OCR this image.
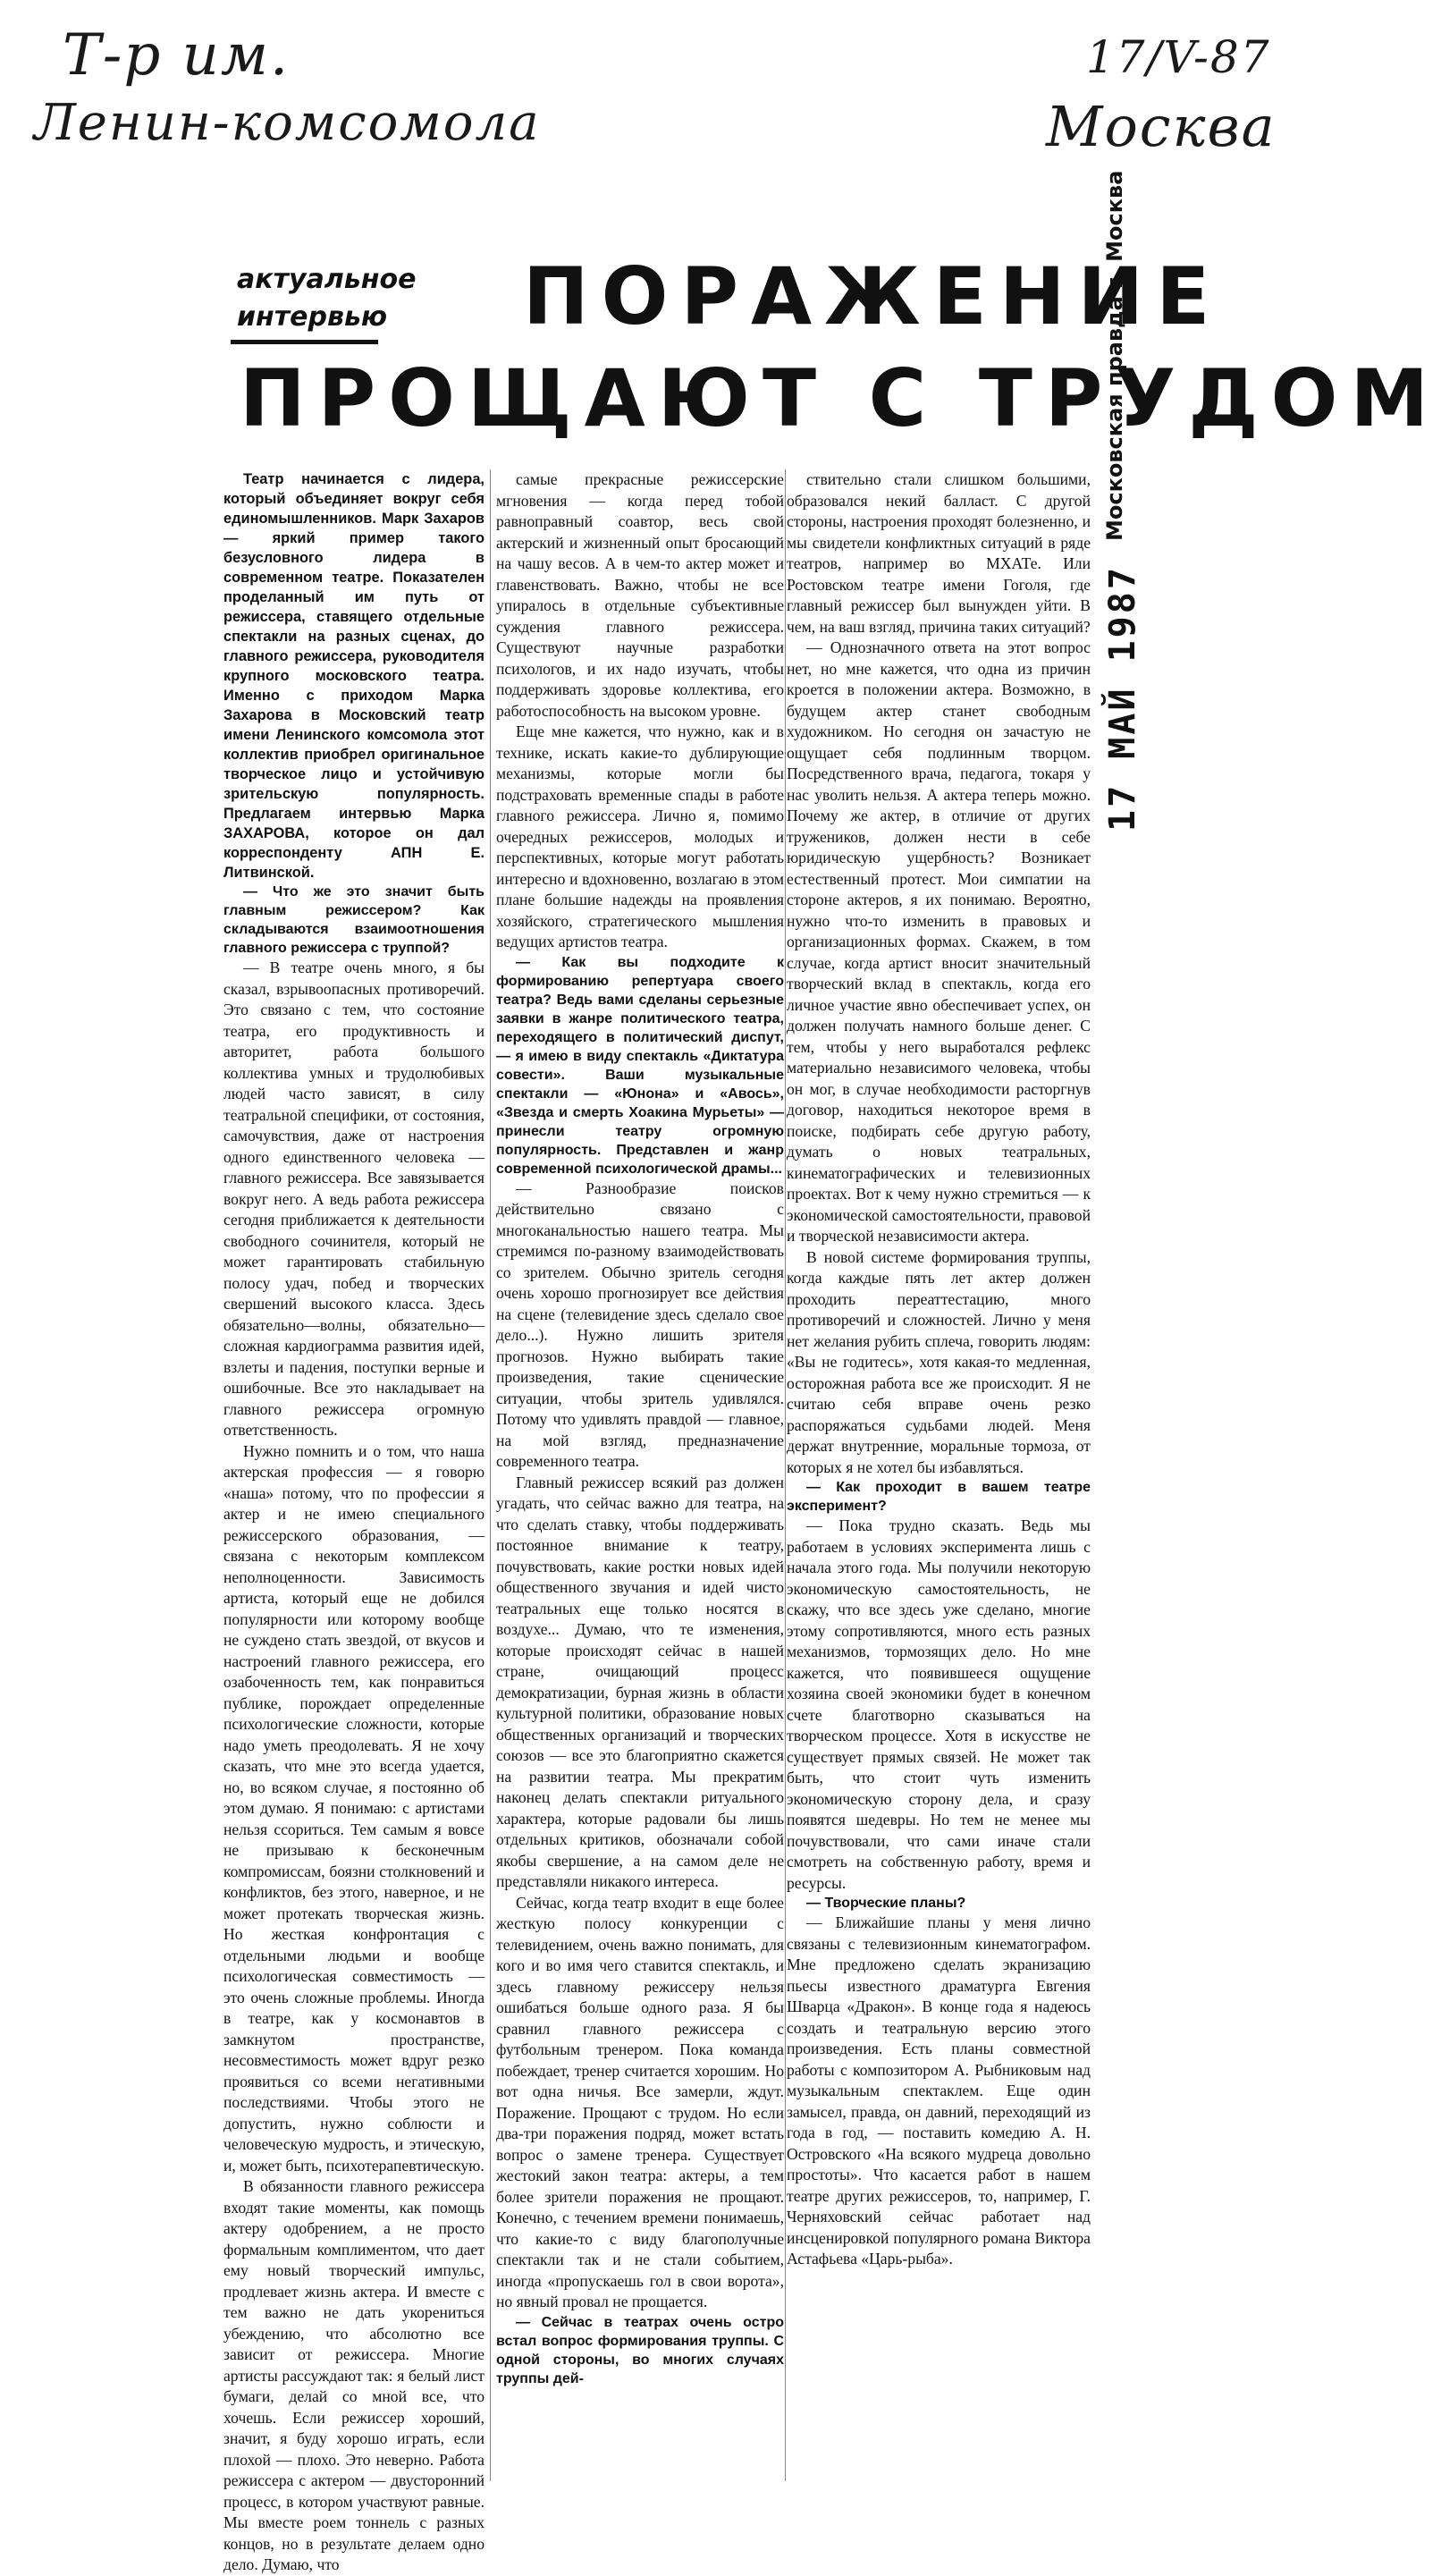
Т-р им.
Ленин-комсомола
17/V-87
Москва
актуальное
интервью	ПОРАЖЕНИЕ
ПРОЩАЮТ С ТРУДОМ
Московская правда г. Москва
17 МАЙ 1987

Театр начинается с лидера, который объединяет вокруг себя единомышленников. Марк Захаров — яркий пример такого безусловного лидера в современном театре. Показателен проделанный им путь от режиссера, ставящего отдельные спектакли на разных сценах, до главного режиссера, руководителя крупного московского театра. Именно с приходом Марка Захарова в Московский театр имени Ленинского комсомола этот коллектив приобрел оригинальное творческое лицо и устойчивую зрительскую популярность. Предлагаем интервью Марка ЗАХАРОВА, которое он дал корреспонденту АПН Е. Литвинской.

— Что же это значит быть главным режиссером? Как складываются взаимоотношения главного режиссера с труппой?

— В театре очень много, я бы сказал, взрывоопасных противоречий. Это связано с тем, что состояние театра, его продуктивность и авторитет, работа большого коллектива умных и трудолюбивых людей часто зависят, в силу театральной специфики, от состояния, самочувствия, даже от настроения одного единственного человека — главного режиссера. Все завязывается вокруг него. А ведь работа режиссера сегодня приближается к деятельности свободного сочинителя, который не может гарантировать стабильную полосу удач, побед и творческих свершений высокого класса. Здесь обязательно—волны, обязательно—сложная кардиограмма развития идей, взлеты и падения, поступки верные и ошибочные. Все это накладывает на главного режиссера огромную ответственность.

Нужно помнить и о том, что наша актерская профессия — я говорю «наша» потому, что по профессии я актер и не имею специального режиссерского образования, — связана с некоторым комплексом неполноценности. Зависимость артиста, который еще не добился популярности или которому вообще не суждено стать звездой, от вкусов и настроений главного режиссера, его озабоченность тем, как понравиться публике, порождает определенные психологические сложности, которые надо уметь преодолевать. Я не хочу сказать, что мне это всегда удается, но, во всяком случае, я постоянно об этом думаю. Я понимаю: с артистами нельзя ссориться. Тем самым я вовсе не призываю к бесконечным компромиссам, боязни столкновений и конфликтов, без этого, наверное, и не может протекать творческая жизнь. Но жесткая конфронтация с отдельными людьми и вообще психологическая совместимость — это очень сложные проблемы. Иногда в театре, как у космонавтов в замкнутом пространстве, несовместимость может вдруг резко проявиться со всеми негативными последствиями. Чтобы этого не допустить, нужно соблюсти и человеческую мудрость, и этическую, и, может быть, психотерапевтическую.

В обязанности главного режиссера входят такие моменты, как помощь актеру одобрением, а не просто формальным комплиментом, что дает ему новый творческий импульс, продлевает жизнь актера. И вместе с тем важно не дать укорениться убеждению, что абсолютно все зависит от режиссера. Многие артисты рассуждают так: я белый лист бумаги, делай со мной все, что хочешь. Если режиссер хороший, значит, я буду хорошо играть, если плохой — плохо. Это неверно. Работа режиссера с актером — двусторонний процесс, в котором участвуют равные. Мы вместе роем тоннель с разных концов, но в результате делаем одно дело. Думаю, что

самые прекрасные режиссерские мгновения — когда перед тобой равноправный соавтор, весь свой актерский и жизненный опыт бросающий на чашу весов. А в чем-то актер может и главенствовать. Важно, чтобы не все упиралось в отдельные субъективные суждения главного режиссера. Существуют научные разработки психологов, и их надо изучать, чтобы поддерживать здоровье коллектива, его работоспособность на высоком уровне.

Еще мне кажется, что нужно, как и в технике, искать какие-то дублирующие механизмы, которые могли бы подстраховать временные спады в работе главного режиссера. Лично я, помимо очередных режиссеров, молодых и перспективных, которые могут работать интересно и вдохновенно, возлагаю в этом плане большие надежды на проявления хозяйского, стратегического мышления ведущих артистов театра.

— Как вы подходите к формированию репертуара своего театра? Ведь вами сделаны серьезные заявки в жанре политического театра, переходящего в политический диспут, — я имею в виду спектакль «Диктатура совести». Ваши музыкальные спектакли — «Юнона» и «Авось», «Звезда и смерть Хоакина Мурьеты» — принесли театру огромную популярность. Представлен и жанр современной психологической драмы...

— Разнообразие поисков действительно связано с многоканальностью нашего театра. Мы стремимся по-разному взаимодействовать со зрителем. Обычно зритель сегодня очень хорошо прогнозирует все действия на сцене (телевидение здесь сделало свое дело...). Нужно лишить зрителя прогнозов. Нужно выбирать такие произведения, такие сценические ситуации, чтобы зритель удивлялся. Потому что удивлять правдой — главное, на мой взгляд, предназначение современного театра.

Главный режиссер всякий раз должен угадать, что сейчас важно для театра, на что сделать ставку, чтобы поддерживать постоянное внимание к театру, почувствовать, какие ростки новых идей общественного звучания и идей чисто театральных еще только носятся в воздухе... Думаю, что те изменения, которые происходят сейчас в нашей стране, очищающий процесс демократизации, бурная жизнь в области культурной политики, образование новых общественных организаций и творческих союзов — все это благоприятно скажется на развитии театра. Мы прекратим наконец делать спектакли ритуального характера, которые радовали бы лишь отдельных критиков, обозначали собой якобы свершение, а на самом деле не представляли никакого интереса.

Сейчас, когда театр входит в еще более жесткую полосу конкуренции с телевидением, очень важно понимать, для кого и во имя чего ставится спектакль, и здесь главному режиссеру нельзя ошибаться больше одного раза. Я бы сравнил главного режиссера с футбольным тренером. Пока команда побеждает, тренер считается хорошим. Но вот одна ничья. Все замерли, ждут. Поражение. Прощают с трудом. Но если два-три поражения подряд, может встать вопрос о замене тренера. Существует жестокий закон театра: актеры, а тем более зрители поражения не прощают. Конечно, с течением времени понимаешь, что какие-то с виду благополучные спектакли так и не стали событием, иногда «пропускаешь гол в свои ворота», но явный провал не прощается.

— Сейчас в театрах очень остро встал вопрос формирования труппы. С одной стороны, во многих случаях труппы дей-

ствительно стали слишком большими, образовался некий балласт. С другой стороны, настроения проходят болезненно, и мы свидетели конфликтных ситуаций в ряде театров, например во МХАТе. Или Ростовском театре имени Гоголя, где главный режиссер был вынужден уйти. В чем, на ваш взгляд, причина таких ситуаций?

— Однозначного ответа на этот вопрос нет, но мне кажется, что одна из причин кроется в положении актера. Возможно, в будущем актер станет свободным художником. Но сегодня он зачастую не ощущает себя подлинным творцом. Посредственного врача, педагога, токаря у нас уволить нельзя. А актера теперь можно. Почему же актер, в отличие от других тружеников, должен нести в себе юридическую ущербность? Возникает естественный протест. Мои симпатии на стороне актеров, я их понимаю. Вероятно, нужно что-то изменить в правовых и организационных формах. Скажем, в том случае, когда артист вносит значительный творческий вклад в спектакль, когда его личное участие явно обеспечивает успех, он должен получать намного больше денег. С тем, чтобы у него выработался рефлекс материально независимого человека, чтобы он мог, в случае необходимости расторгнув договор, находиться некоторое время в поиске, подбирать себе другую работу, думать о новых театральных, кинематографических и телевизионных проектах. Вот к чему нужно стремиться — к экономической самостоятельности, правовой и творческой независимости актера.

В новой системе формирования труппы, когда каждые пять лет актер должен проходить переаттестацию, много противоречий и сложностей. Лично у меня нет желания рубить сплеча, говорить людям: «Вы не годитесь», хотя какая-то медленная, осторожная работа все же происходит. Я не считаю себя вправе очень резко распоряжаться судьбами людей. Меня держат внутренние, моральные тормоза, от которых я не хотел бы избавляться.

— Как проходит в вашем театре эксперимент?

— Пока трудно сказать. Ведь мы работаем в условиях эксперимента лишь с начала этого года. Мы получили некоторую экономическую самостоятельность, не скажу, что все здесь уже сделано, многие этому сопротивляются, много есть разных механизмов, тормозящих дело. Но мне кажется, что появившееся ощущение хозяина своей экономики будет в конечном счете благотворно сказываться на творческом процессе. Хотя в искусстве не существует прямых связей. Не может так быть, что стоит чуть изменить экономическую сторону дела, и сразу появятся шедевры. Но тем не менее мы почувствовали, что сами иначе стали смотреть на собственную работу, время и ресурсы.

— Творческие планы?

— Ближайшие планы у меня лично связаны с телевизионным кинематографом. Мне предложено сделать экранизацию пьесы известного драматурга Евгения Шварца «Дракон». В конце года я надеюсь создать и театральную версию этого произведения. Есть планы совместной работы с композитором А. Рыбниковым над музыкальным спектаклем. Еще один замысел, правда, он давний, переходящий из года в год, — поставить комедию А. Н. Островского «На всякого мудреца довольно простоты». Что касается работ в нашем театре других режиссеров, то, например, Г. Черняховский сейчас работает над инсценировкой популярного романа Виктора Астафьева «Царь-рыба».
